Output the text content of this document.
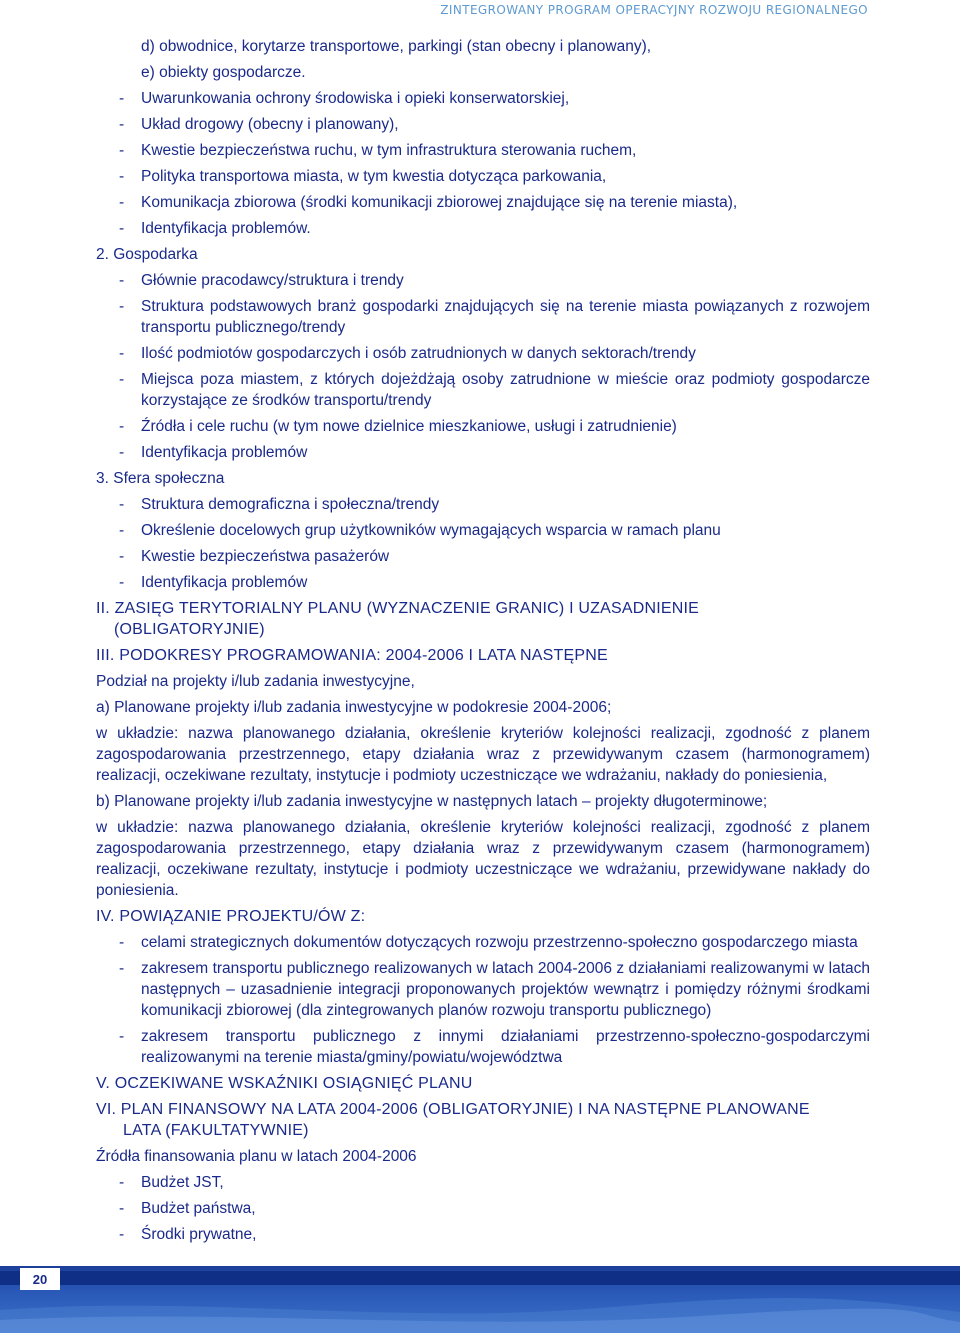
ZINTEGROWANY PROGRAM OPERACYJNY ROZWOJU REGIONALNEGO
d) obwodnice, korytarze transportowe, parkingi (stan obecny i planowany),
e) obiekty gospodarcze.
-	Uwarunkowania ochrony środowiska i opieki konserwatorskiej,
-	Układ drogowy (obecny i planowany),
-	Kwestie bezpieczeństwa ruchu, w tym infrastruktura sterowania ruchem,
-	Polityka transportowa miasta, w tym kwestia dotycząca parkowania,
-	Komunikacja zbiorowa (środki komunikacji zbiorowej znajdujące się na terenie miasta),
-	Identyfikacja problemów.
2. Gospodarka
-	Głównie pracodawcy/struktura i trendy
-	Struktura podstawowych branż gospodarki znajdujących się na terenie miasta powiązanych z rozwojem transportu publicznego/trendy
-	Ilość podmiotów gospodarczych i osób zatrudnionych w danych sektorach/trendy
-	Miejsca poza miastem, z których dojeżdżają osoby zatrudnione w mieście oraz podmioty gospodarcze korzystające ze środków transportu/trendy
-	Źródła i cele ruchu (w tym nowe dzielnice mieszkaniowe, usługi i zatrudnienie)
-	Identyfikacja problemów
3. Sfera społeczna
-	Struktura demograficzna i społeczna/trendy
-	Określenie docelowych grup użytkowników wymagających wsparcia w ramach planu
-	Kwestie bezpieczeństwa pasażerów
-	Identyfikacja problemów
II. ZASIĘG TERYTORIALNY PLANU (WYZNACZENIE GRANIC) I UZASADNIENIE
(OBLIGATORYJNIE)
III. PODOKRESY PROGRAMOWANIA: 2004-2006 I LATA NASTĘPNE
Podział na projekty i/lub zadania inwestycyjne,
a) Planowane projekty i/lub zadania inwestycyjne w podokresie 2004-2006;
w układzie: nazwa planowanego działania, określenie kryteriów kolejności realizacji, zgodność z planem zagospodarowania przestrzennego, etapy działania wraz z przewidywanym czasem (harmonogramem) realizacji, oczekiwane rezultaty, instytucje i podmioty uczestniczące we wdrażaniu, nakłady do poniesienia,
b) Planowane projekty i/lub zadania inwestycyjne w następnych latach – projekty długoterminowe;
w układzie: nazwa planowanego działania, określenie kryteriów kolejności realizacji, zgodność z planem zagospodarowania przestrzennego, etapy działania wraz z przewidywanym czasem (harmonogramem) realizacji, oczekiwane rezultaty, instytucje i podmioty uczestniczące we wdrażaniu, przewidywane nakłady do poniesienia.
IV. POWIĄZANIE PROJEKTU/ÓW Z:
-	celami strategicznych dokumentów dotyczących rozwoju przestrzenno-społeczno gospodarczego miasta
-	zakresem transportu publicznego realizowanych w latach 2004-2006 z działaniami realizowanymi w latach następnych – uzasadnienie integracji proponowanych projektów wewnątrz i pomiędzy różnymi środkami komunikacji zbiorowej (dla zintegrowanych planów rozwoju transportu publicznego)
-	zakresem transportu publicznego z innymi działaniami przestrzenno-społeczno-gospodarczymi realizowanymi na terenie miasta/gminy/powiatu/województwa
V. OCZEKIWANE WSKAŹNIKI OSIĄGNIĘĆ PLANU
VI. PLAN FINANSOWY NA LATA 2004-2006 (OBLIGATORYJNIE) I NA NASTĘPNE PLANOWANE
LATA (FAKULTATYWNIE)
Źródła finansowania planu w latach 2004-2006
-	Budżet JST,
-	Budżet państwa,
-	Środki prywatne,
20
